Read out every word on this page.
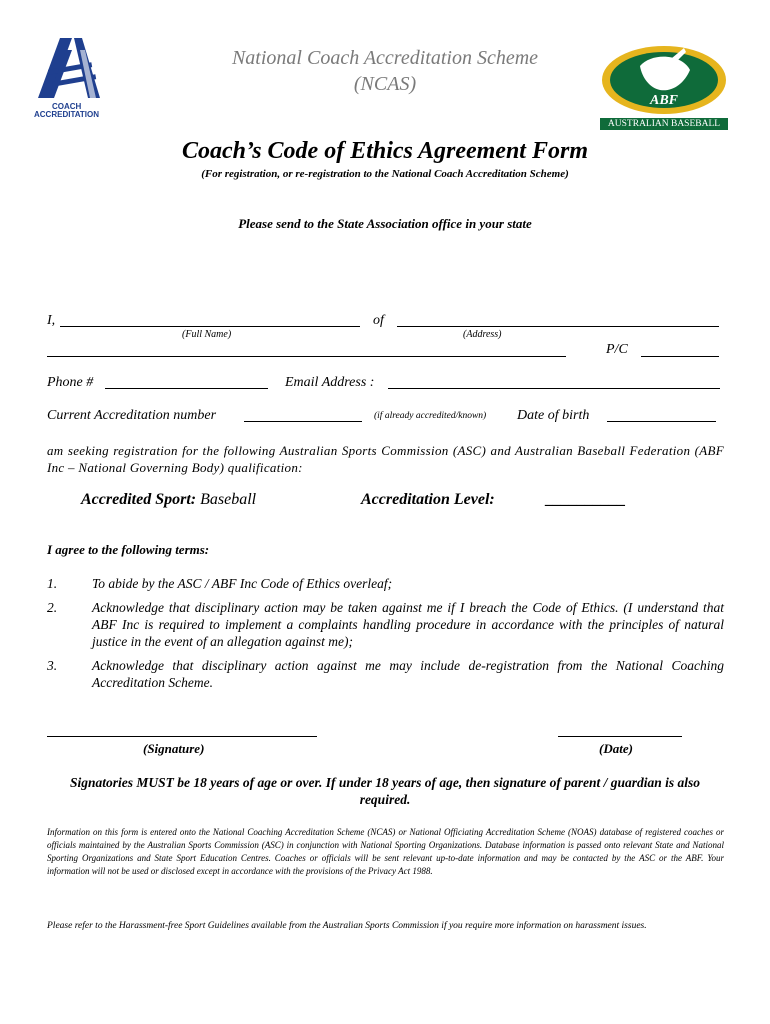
COACH
ACCREDITATION
National Coach Accreditation Scheme
(NCAS)
ABF
AUSTRALIAN BASEBALL
Coach’s Code of Ethics Agreement Form
(For registration, or re-registration to the National Coach Accreditation Scheme)
Please send to the State Association office in your state
I,	of
(Full Name)	(Address)
P/C
Phone #	Email Address :
Current Accreditation number	(if already accredited/known) Date of birth
am seeking registration for the following Australian Sports Commission (ASC) and Australian Baseball Federation (ABF Inc – National Governing Body) qualification:
Accredited Sport: Baseball	Accreditation Level:	__________
I agree to the following terms:
1.	To abide by the ASC / ABF Inc Code of Ethics overleaf;
2.	Acknowledge that disciplinary action may be taken against me if I breach the Code of Ethics. (I understand that ABF Inc is required to implement a complaints handling procedure in accordance with the principles of natural justice in the event of an allegation against me);
3.	Acknowledge that disciplinary action against me may include de-registration from the National Coaching Accreditation Scheme.
(Signature)	(Date)
Signatories MUST be 18 years of age or over. If under 18 years of age, then signature of parent / guardian is also required.
Information on this form is entered onto the National Coaching Accreditation Scheme (NCAS) or National Officiating Accreditation Scheme (NOAS) database of registered coaches or officials maintained by the Australian Sports Commission (ASC) in conjunction with National Sporting Organizations. Database information is passed onto relevant State and National Sporting Organizations and State Sport Education Centres. Coaches or officials will be sent relevant up-to-date information and may be contacted by the ASC or the ABF. Your information will not be used or disclosed except in accordance with the provisions of the Privacy Act 1988.
Please refer to the Harassment-free Sport Guidelines available from the Australian Sports Commission if you require more information on harassment issues.
